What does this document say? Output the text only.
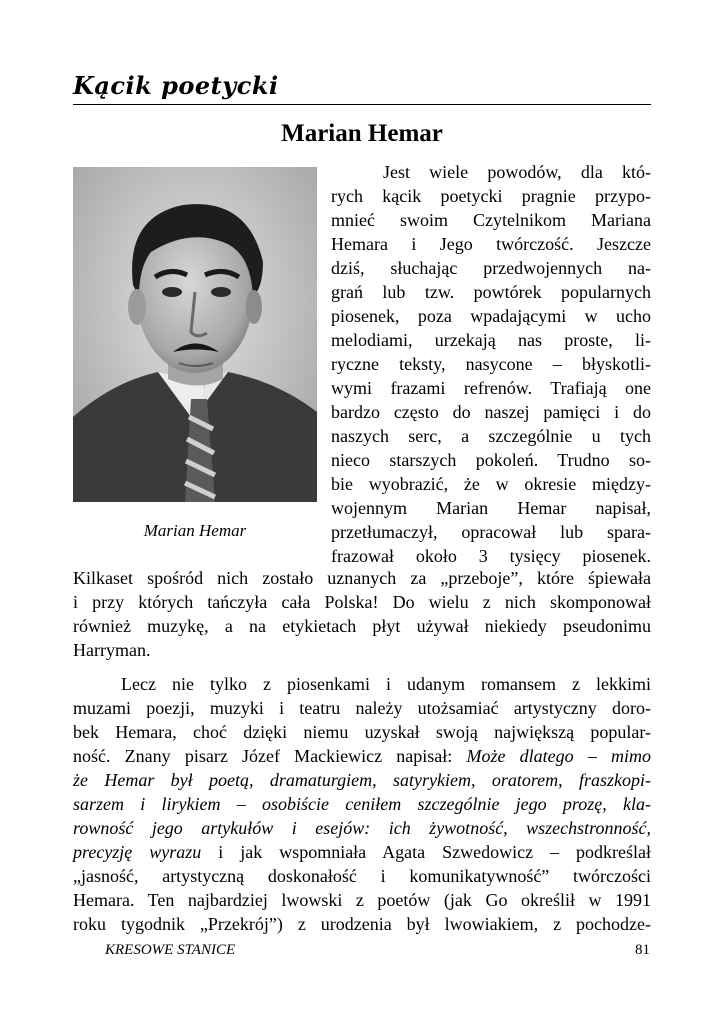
Kącik poetycki
Marian Hemar
Marian Hemar
Jest wiele powodów, dla któ-
rych kącik poetycki pragnie przypo-
mnieć swoim Czytelnikom Mariana
Hemara i Jego twórczość. Jeszcze
dziś, słuchając przedwojennych na-
grań lub tzw. powtórek popularnych
piosenek, poza wpadającymi w ucho
melodiami, urzekają nas proste, li-
ryczne teksty, nasycone – błyskotli-
wymi frazami refrenów. Trafiają one
bardzo często do naszej pamięci i do
naszych serc, a szczególnie u tych
nieco starszych pokoleń. Trudno so-
bie wyobrazić, że w okresie między-
wojennym Marian Hemar napisał,
przetłumaczył, opracował lub spara-
frazował około 3 tysięcy piosenek.
Kilkaset spośród nich zostało uznanych za „przeboje”, które śpiewała
i przy których tańczyła cała Polska! Do wielu z nich skomponował
również muzykę, a na etykietach płyt używał niekiedy pseudonimu
Harryman.
Lecz nie tylko z piosenkami i udanym romansem z lekkimi
muzami poezji, muzyki i teatru należy utożsamiać artystyczny doro-
bek Hemara, choć dzięki niemu uzyskał swoją największą popular-
ność. Znany pisarz Józef Mackiewicz napisał: Może dlatego – mimo
że Hemar był poetą, dramaturgiem, satyrykiem, oratorem, fraszkopi-
sarzem i lirykiem – osobiście ceniłem szczególnie jego prozę, kla-
rowność jego artykułów i esejów: ich żywotność, wszechstronność,
precyzję wyrazu i jak wspomniała Agata Szwedowicz – podkreślał
„jasność, artystyczną doskonałość i komunikatywność” twórczości
Hemara. Ten najbardziej lwowski z poetów (jak Go określił w 1991
roku tygodnik „Przekrój”) z urodzenia był lwowiakiem, z pochodze-
KRESOWE STANICE	81
